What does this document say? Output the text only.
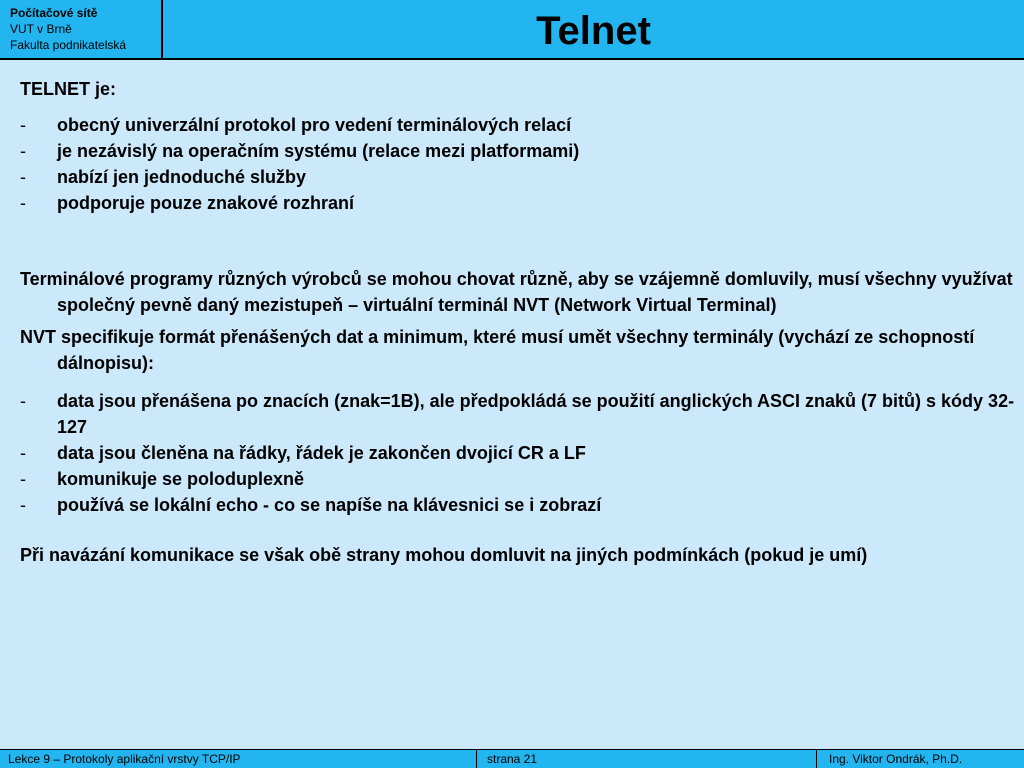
Počítačové sítě
VUT v Brně
Fakulta podnikatelská	Telnet

TELNET je:

- obecný univerzální protokol pro vedení terminálových relací
- je nezávislý na operačním systému (relace mezi platformami)
- nabízí jen jednoduché služby
- podporuje pouze znakové rozhraní

Terminálové programy různých výrobců se mohou chovat různě, aby se vzájemně domluvily, musí všechny využívat společný pevně daný mezistupeň – virtuální terminál NVT (Network Virtual Terminal)

NVT specifikuje formát přenášených dat a minimum, které musí umět všechny terminály (vychází ze schopností dálnopisu):

- data jsou přenášena po znacích (znak=1B), ale předpokládá se použití anglických ASCI znaků (7 bitů) s kódy 32-127
- data jsou členěna na řádky, řádek je zakončen dvojicí CR a LF
- komunikuje se poloduplexně
- používá se lokální echo - co se napíše na klávesnici se i zobrazí

Při navázání komunikace se však obě strany mohou domluvit na jiných podmínkách (pokud je umí)

Lekce 9 – Protokoly aplikační vrstvy TCP/IP	strana 21	Ing. Viktor Ondrák, Ph.D.
